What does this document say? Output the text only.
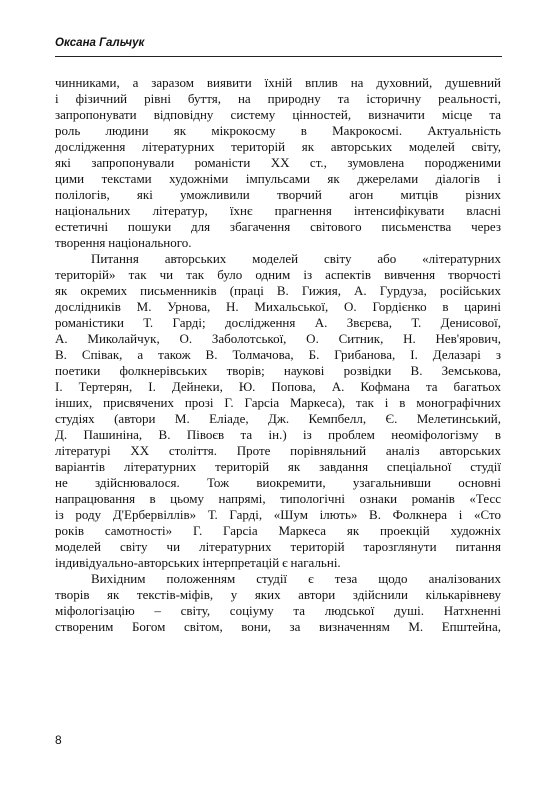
Оксана Гальчук

чинниками, а заразом виявити їхній вплив на духовний, душевний

і фізичний рівні буття, на природну та історичну реальності,

запропонувати відповідну систему цінностей, визначити місце та

роль людини як мікрокосму в Макрокосмі. Актуальність

дослідження літературних територій як авторських моделей світу,

які запропонували романісти ХХ ст., зумовлена породженими

цими текстами художніми імпульсами як джерелами діалогів і

полілогів, які уможливили творчий агон митців різних

національних літератур, їхнє прагнення інтенсифікувати власні

естетичні пошуки для збагачення світового письменства через

творення національного.

Питання авторських моделей світу або «літературних

територій» так чи так було одним із аспектів вивчення творчості

як окремих письменників (праці В. Гижия, А. Гурдуза, російських

дослідників М. Урнова, Н. Михальської, О. Гордієнко в царині

романістики Т. Гарді; дослідження А. Звєрєва, Т. Денисової,

А. Миколайчук, О. Заболотської, О. Ситник, Н. Нев'ярович,

В. Співак, а також В. Толмачова, Б. Грибанова, І. Делазарі з

поетики фолкнерівських творів; наукові розвідки В. Земськова,

І. Тертерян, І. Дейнеки, Ю. Попова, А. Кофмана та багатьох

інших, присвячених прозі Г. Гарсіа Маркеса), так і в монографічних

студіях (автори М. Еліаде, Дж. Кемпбелл, Є. Мелетинський,

Д. Пашиніна, В. Півоєв та ін.) із проблем неоміфологізму в

літературі ХХ століття. Проте порівняльний аналіз авторських

варіантів літературних територій як завдання спеціальної студії

не здійснювалося. Тож виокремити, узагальнивши основні

напрацювання в цьому напрямі, типологічні ознаки романів «Тесс

із роду Д'Ербервіллів» Т. Гарді, «Шум ілють» В. Фолкнера і «Сто

років самотності» Г. Гарсіа Маркеса як проекцій художніх

моделей світу чи літературних територій тарозглянути питання

індивідуально-авторських інтерпретацій є нагальні.

Вихідним положенням студії є теза щодо аналізованих

творів як текстів-міфів, у яких автори здійснили кількарівневу

міфологізацію – світу, соціуму та людської душі. Натхненні

створеним Богом світом, вони, за визначенням М. Епштейна,

8
